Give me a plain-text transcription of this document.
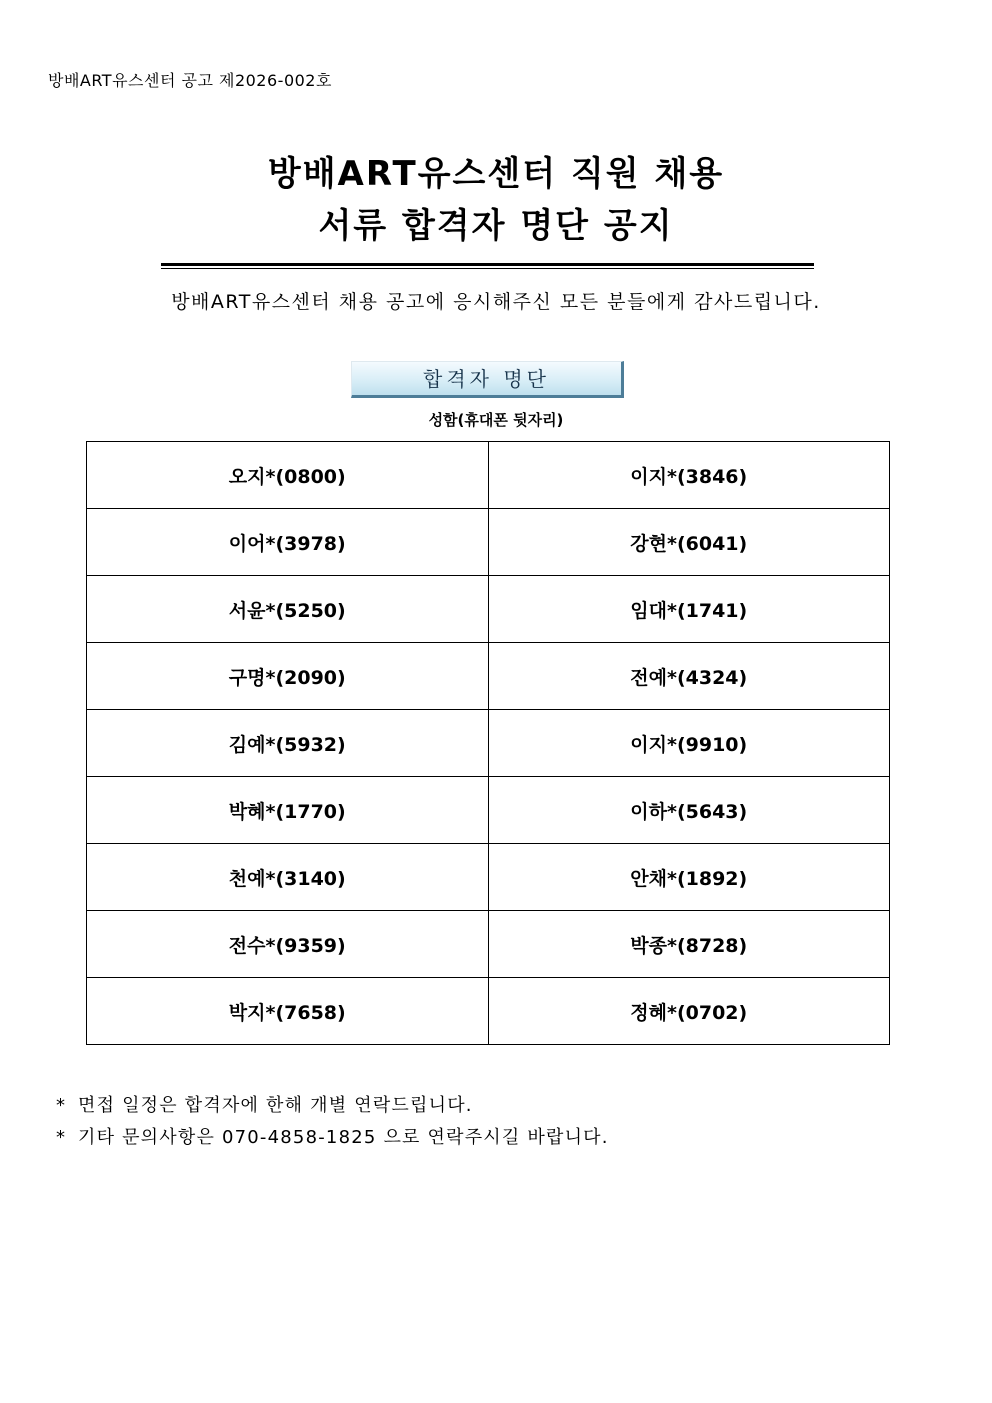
방배ART유스센터 공고 제2026-002호
방배ART유스센터 직원 채용
서류 합격자 명단 공지
방배ART유스센터 채용 공고에 응시해주신 모든 분들에게 감사드립니다.
합격자 명단
성함(휴대폰 뒷자리)
오지*(0800)	이지*(3846)
이어*(3978)	강현*(6041)
서윤*(5250)	임대*(1741)
구명*(2090)	전예*(4324)
김예*(5932)	이지*(9910)
박혜*(1770)	이하*(5643)
천예*(3140)	안채*(1892)
전수*(9359)	박종*(8728)
박지*(7658)	정혜*(0702)
* 면접 일정은 합격자에 한해 개별 연락드립니다.
* 기타 문의사항은 070-4858-1825 으로 연락주시길 바랍니다.
